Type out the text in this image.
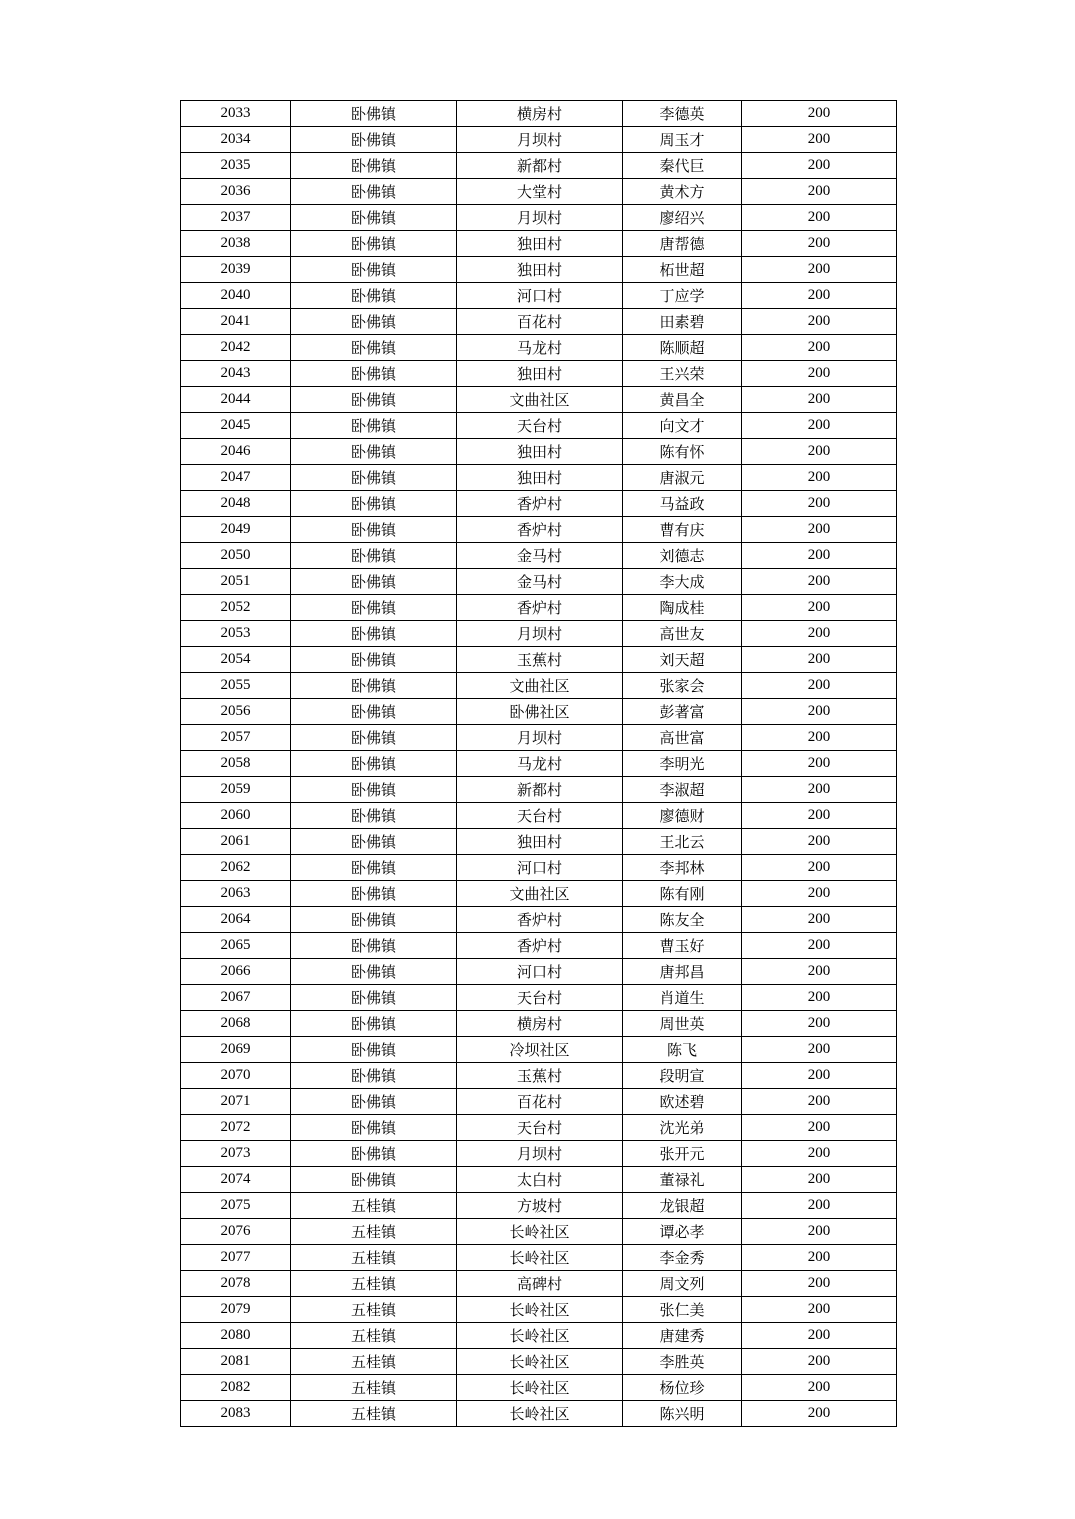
2033	卧佛镇	横房村	李德英	200
2034	卧佛镇	月坝村	周玉才	200
2035	卧佛镇	新都村	秦代巨	200
2036	卧佛镇	大堂村	黄术方	200
2037	卧佛镇	月坝村	廖绍兴	200
2038	卧佛镇	独田村	唐帮德	200
2039	卧佛镇	独田村	柘世超	200
2040	卧佛镇	河口村	丁应学	200
2041	卧佛镇	百花村	田素碧	200
2042	卧佛镇	马龙村	陈顺超	200
2043	卧佛镇	独田村	王兴荣	200
2044	卧佛镇	文曲社区	黄昌全	200
2045	卧佛镇	天台村	向文才	200
2046	卧佛镇	独田村	陈有怀	200
2047	卧佛镇	独田村	唐淑元	200
2048	卧佛镇	香炉村	马益政	200
2049	卧佛镇	香炉村	曹有庆	200
2050	卧佛镇	金马村	刘德志	200
2051	卧佛镇	金马村	李大成	200
2052	卧佛镇	香炉村	陶成桂	200
2053	卧佛镇	月坝村	高世友	200
2054	卧佛镇	玉蕉村	刘天超	200
2055	卧佛镇	文曲社区	张家会	200
2056	卧佛镇	卧佛社区	彭著富	200
2057	卧佛镇	月坝村	高世富	200
2058	卧佛镇	马龙村	李明光	200
2059	卧佛镇	新都村	李淑超	200
2060	卧佛镇	天台村	廖德财	200
2061	卧佛镇	独田村	王北云	200
2062	卧佛镇	河口村	李邦林	200
2063	卧佛镇	文曲社区	陈有刚	200
2064	卧佛镇	香炉村	陈友全	200
2065	卧佛镇	香炉村	曹玉好	200
2066	卧佛镇	河口村	唐邦昌	200
2067	卧佛镇	天台村	肖道生	200
2068	卧佛镇	横房村	周世英	200
2069	卧佛镇	冷坝社区	陈飞	200
2070	卧佛镇	玉蕉村	段明宣	200
2071	卧佛镇	百花村	欧述碧	200
2072	卧佛镇	天台村	沈光弟	200
2073	卧佛镇	月坝村	张开元	200
2074	卧佛镇	太白村	董禄礼	200
2075	五桂镇	方坡村	龙银超	200
2076	五桂镇	长岭社区	谭必孝	200
2077	五桂镇	长岭社区	李金秀	200
2078	五桂镇	高碑村	周文列	200
2079	五桂镇	长岭社区	张仁美	200
2080	五桂镇	长岭社区	唐建秀	200
2081	五桂镇	长岭社区	李胜英	200
2082	五桂镇	长岭社区	杨位珍	200
2083	五桂镇	长岭社区	陈兴明	200
